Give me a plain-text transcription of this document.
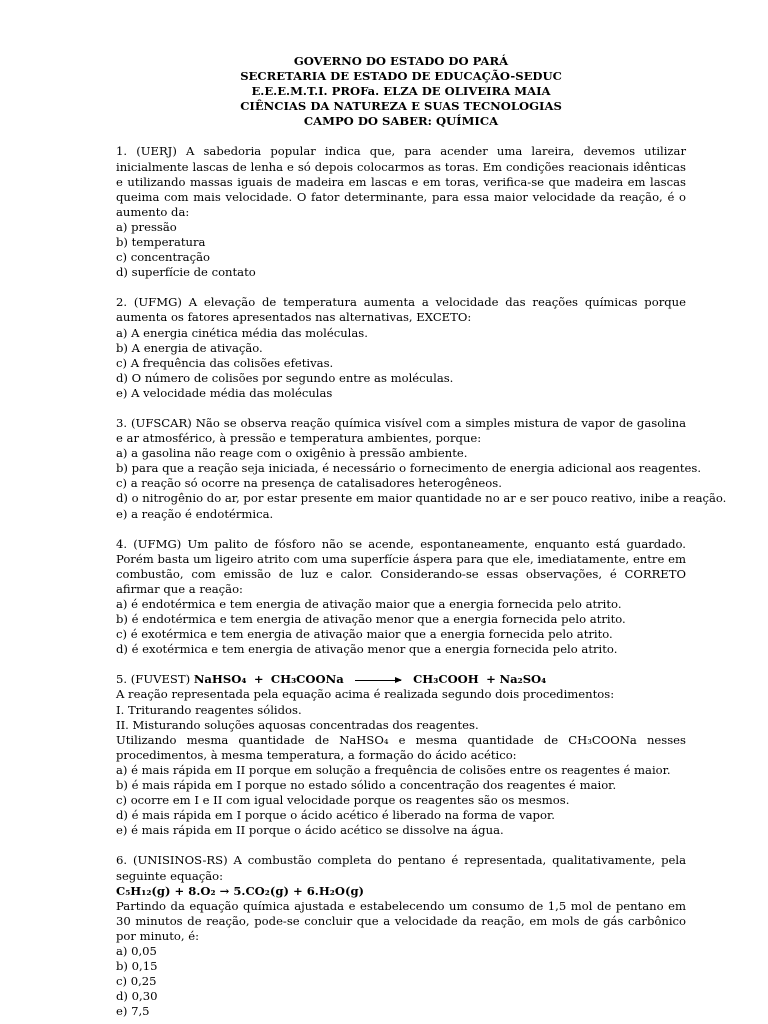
GOVERNO DO ESTADO DO PARÁ
SECRETARIA DE ESTADO DE EDUCAÇÃO-SEDUC
E.E.E.M.T.I. PROFa. ELZA DE OLIVEIRA MAIA
CIÊNCIAS DA NATUREZA E SUAS TECNOLOGIAS
CAMPO DO SABER: QUÍMICA

1. (UERJ) A sabedoria popular indica que, para acender uma lareira, devemos utilizar inicialmente lascas de lenha e só depois colocarmos as toras. Em condições reacionais idênticas e utilizando massas iguais de madeira em lascas e em toras, verifica-se que madeira em lascas queima com mais velocidade. O fator determinante, para essa maior velocidade da reação, é o aumento da:

a) pressão
b) temperatura
c) concentração
d) superfície de contato

2. (UFMG) A elevação de temperatura aumenta a velocidade das reações químicas porque aumenta os fatores apresentados nas alternativas, EXCETO:

a) A energia cinética média das moléculas.
b) A energia de ativação.
c) A frequência das colisões efetivas.
d) O número de colisões por segundo entre as moléculas.
e) A velocidade média das moléculas

3. (UFSCAR) Não se observa reação química visível com a simples mistura de vapor de gasolina e ar atmosférico, à pressão e temperatura ambientes, porque:

a) a gasolina não reage com o oxigênio à pressão ambiente.
b) para que a reação seja iniciada, é necessário o fornecimento de energia adicional aos reagentes.
c) a reação só ocorre na presença de catalisadores heterogêneos.
d) o nitrogênio do ar, por estar presente em maior quantidade no ar e ser pouco reativo, inibe a reação.
e) a reação é endotérmica.

4. (UFMG) Um palito de fósforo não se acende, espontaneamente, enquanto está guardado. Porém basta um ligeiro atrito com uma superfície áspera para que ele, imediatamente, entre em combustão, com emissão de luz e calor. Considerando-se essas observações, é CORRETO afirmar que a reação:

a) é endotérmica e tem energia de ativação maior que a energia fornecida pelo atrito.
b) é endotérmica e tem energia de ativação menor que a energia fornecida pelo atrito.
c) é exotérmica e tem energia de ativação maior que a energia fornecida pelo atrito.
d) é exotérmica e tem energia de ativação menor que a energia fornecida pelo atrito.
5. (FUVEST) NaHSO₄ + CH₃COONa → CH₃COOH + Na₂SO₄

A reação representada pela equação acima é realizada segundo dois procedimentos:

I. Triturando reagentes sólidos.
II. Misturando soluções aquosas concentradas dos reagentes.

Utilizando mesma quantidade de NaHSO₄ e mesma quantidade de CH₃COONa nesses procedimentos, à mesma temperatura, a formação do ácido acético:

a) é mais rápida em II porque em solução a frequência de colisões entre os reagentes é maior.
b) é mais rápida em I porque no estado sólido a concentração dos reagentes é maior.
c) ocorre em I e II com igual velocidade porque os reagentes são os mesmos.
d) é mais rápida em I porque o ácido acético é liberado na forma de vapor.
e) é mais rápida em II porque o ácido acético se dissolve na água.

6. (UNISINOS-RS) A combustão completa do pentano é representada, qualitativamente, pela seguinte equação:

C₅H₁₂(g) + 8.O₂ → 5.CO₂(g) + 6.H₂O(g)

Partindo da equação química ajustada e estabelecendo um consumo de 1,5 mol de pentano em 30 minutos de reação, pode-se concluir que a velocidade da reação, em mols de gás carbônico por minuto, é:

a) 0,05
b) 0,15
c) 0,25
d) 0,30
e) 7,5
